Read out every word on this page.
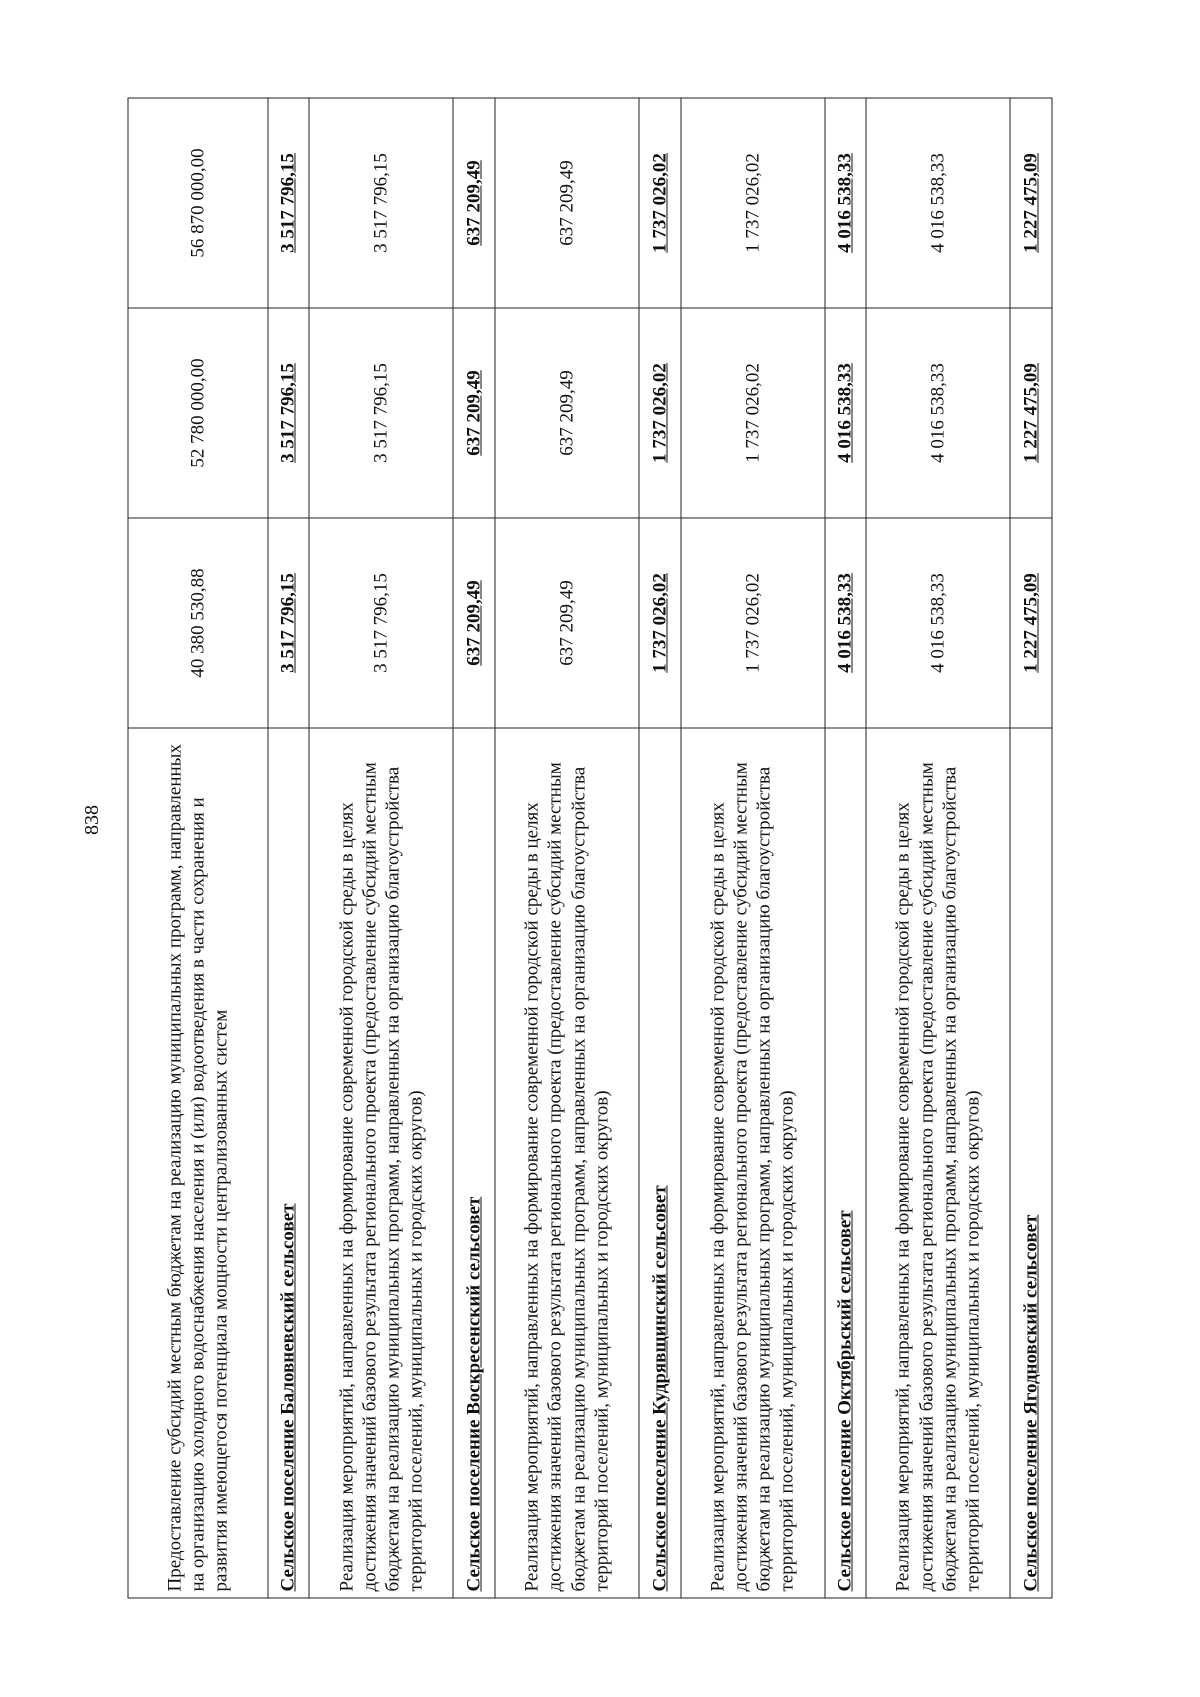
838	Предоставление субсидий местным бюджетам на реализацию муниципальных программ, направленных на организацию холодного водоснабжения населения и (или) водоотведения в части сохранения и развития имеющегося потенциала мощности централизованных систем	40 380 530,88	52 780 000,00	56 870 000,00
Сельское поселение Баловневский сельсовет	3 517 796,15	3 517 796,15	3 517 796,15
Реализация мероприятий, направленных на формирование современной городской среды в целях достижения значений базового результата регионального проекта (предоставление субсидий местным бюджетам на реализацию муниципальных программ, направленных на организацию благоустройства территорий поселений, муниципальных и городских округов)	3 517 796,15	3 517 796,15	3 517 796,15
Сельское поселение Воскресенский сельсовет	637 209,49	637 209,49	637 209,49
Реализация мероприятий, направленных на формирование современной городской среды в целях достижения значений базового результата регионального проекта (предоставление субсидий местным бюджетам на реализацию муниципальных программ, направленных на организацию благоустройства территорий поселений, муниципальных и городских округов)	637 209,49	637 209,49	637 209,49
Сельское поселение Кудрявщинский сельсовет	1 737 026,02	1 737 026,02	1 737 026,02
Реализация мероприятий, направленных на формирование современной городской среды в целях достижения значений базового результата регионального проекта (предоставление субсидий местным бюджетам на реализацию муниципальных программ, направленных на организацию благоустройства территорий поселений, муниципальных и городских округов)	1 737 026,02	1 737 026,02	1 737 026,02
Сельское поселение Октябрьский сельсовет	4 016 538,33	4 016 538,33	4 016 538,33
Реализация мероприятий, направленных на формирование современной городской среды в целях достижения значений базового результата регионального проекта (предоставление субсидий местным бюджетам на реализацию муниципальных программ, направленных на организацию благоустройства территорий поселений, муниципальных и городских округов)	4 016 538,33	4 016 538,33	4 016 538,33
Сельское поселение Ягодновский сельсовет	1 227 475,09	1 227 475,09	1 227 475,09
